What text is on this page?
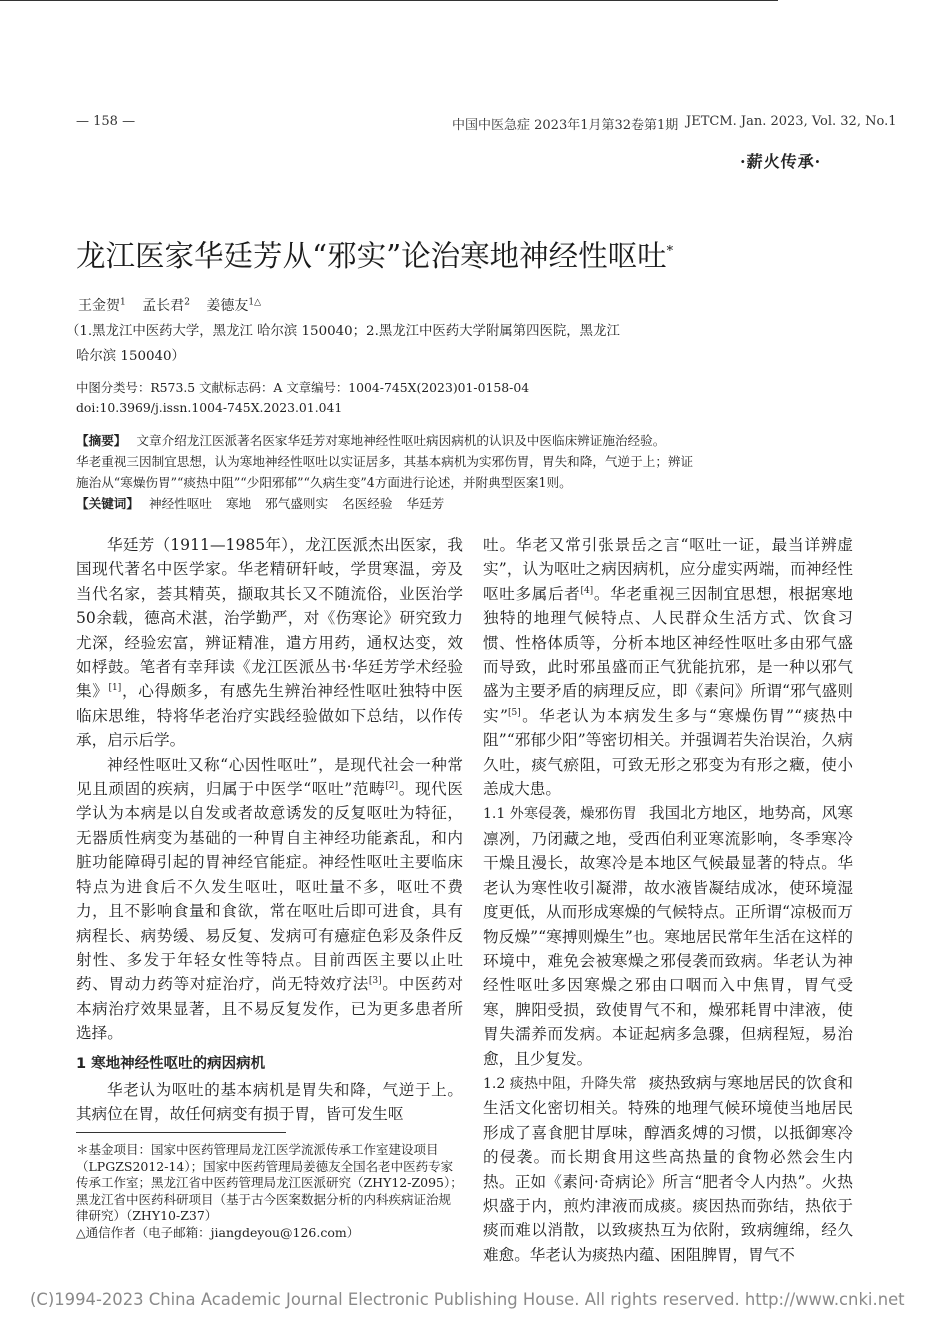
— 158 —	中国中医急症 2023年1月第32卷第1期 JETCM. Jan. 2023, Vol. 32, No.1
·薪火传承·
龙江医家华廷芳从“邪实”论治寒地神经性呕吐*
王金贺$^1$ 孟长君$^2$ 姜德友$^{1\triangle}$
（1.黑龙江中医药大学，黑龙江 哈尔滨 150040；2.黑龙江中医药大学附属第四医院，黑龙江
哈尔滨 150040）
中图分类号：R573.5 文献标志码：A 文章编号：1004-745X(2023)01-0158-04
doi:10.3969/j.issn.1004-745X.2023.01.041
【摘要】 文章介绍龙江医派著名医家华廷芳对寒地神经性呕吐病因病机的认识及中医临床辨证施治经验。
华老重视三因制宜思想，认为寒地神经性呕吐以实证居多，其基本病机为实邪伤胃，胃失和降，气逆于上；辨证
施治从“寒燥伤胃”“痰热中阻”“少阳邪郁”“久病生变”4方面进行论述，并附典型医案1则。
【关键词】 神经性呕吐 寒地 邪气盛则实 名医经验 华廷芳

华廷芳（1911—1985年），龙江医派杰出医家，我国现代著名中医学家。华老精研轩岐，学贯寒温，旁及当代名家，荟其精英，撷取其长又不随流俗，业医治学50余载，德高术湛，治学勤严，对《伤寒论》研究致力尤深，经验宏富，辨证精准，遣方用药，通权达变，效如桴鼓。笔者有幸拜读《龙江医派丛书·华廷芳学术经验集》[1]，心得颇多，有感先生辨治神经性呕吐独特中医临床思维，特将华老治疗实践经验做如下总结，以作传承，启示后学。

神经性呕吐又称“心因性呕吐”，是现代社会一种常见且顽固的疾病，归属于中医学“呕吐”范畴[2]。现代医学认为本病是以自发或者故意诱发的反复呕吐为特征，无器质性病变为基础的一种胃自主神经功能紊乱，和内脏功能障碍引起的胃神经官能症。神经性呕吐主要临床特点为进食后不久发生呕吐，呕吐量不多，呕吐不费力，且不影响食量和食欲，常在呕吐后即可进食，具有病程长、病势缓、易反复、发病可有癔症色彩及条件反射性、多发于年轻女性等特点。目前西医主要以止吐药、胃动力药等对症治疗，尚无特效疗法[3]。中医药对本病治疗效果显著，且不易反复发作，已为更多患者所选择。

1 寒地神经性呕吐的病因病机

华老认为呕吐的基本病机是胃失和降，气逆于上。其病位在胃，故任何病变有损于胃，皆可发生呕

吐。华老又常引张景岳之言“呕吐一证，最当详辨虚实”，认为呕吐之病因病机，应分虚实两端，而神经性呕吐多属后者[4]。华老重视三因制宜思想，根据寒地独特的地理气候特点、人民群众生活方式、饮食习惯、性格体质等，分析本地区神经性呕吐多由邪气盛而导致，此时邪虽盛而正气犹能抗邪，是一种以邪气盛为主要矛盾的病理反应，即《素问》所谓“邪气盛则实”[5]。华老认为本病发生多与“寒燥伤胃”“痰热中阻”“邪郁少阳”等密切相关。并强调若失治误治，久病久吐，痰气瘀阻，可致无形之邪变为有形之癥，使小恙成大患。

1.1 外寒侵袭，燥邪伤胃 我国北方地区，地势高，风寒凛冽，乃闭藏之地，受西伯利亚寒流影响，冬季寒冷干燥且漫长，故寒冷是本地区气候最显著的特点。华老认为寒性收引凝滞，故水液皆凝结成冰，使环境湿度更低，从而形成寒燥的气候特点。正所谓“凉极而万物反燥”“寒搏则燥生”也。寒地居民常年生活在这样的环境中，难免会被寒燥之邪侵袭而致病。华老认为神经性呕吐多因寒燥之邪由口咽而入中焦胃，胃气受寒，脾阳受损，致使胃气不和，燥邪耗胃中津液，使胃失濡养而发病。本证起病多急骤，但病程短，易治愈，且少复发。

1.2 痰热中阻，升降失常 痰热致病与寒地居民的饮食和生活文化密切相关。特殊的地理气候环境使当地居民形成了喜食肥甘厚味，醇酒炙煿的习惯，以抵御寒冷的侵袭。而长期食用这些高热量的食物必然会生内热。正如《素问·奇病论》所言“肥者令人内热”。火热炽盛于内，煎灼津液而成痰。痰因热而弥结，热依于痰而难以消散，以致痰热互为依附，致病缠绵，经久难愈。华老认为痰热内蕴、困阻脾胃，胃气不

＊基金项目：国家中医药管理局龙江医学流派传承工作室建设项目（LPGZS2012-14）；国家中医药管理局姜德友全国名老中医药专家传承工作室；黑龙江省中医药管理局龙江医派研究（ZHY12-Z095）；黑龙江省中医药科研项目（基于古今医案数据分析的内科疾病证治规律研究）（ZHY10-Z37）
△通信作者（电子邮箱：jiangdeyou@126.com）
(C)1994-2023 China Academic Journal Electronic Publishing House. All rights reserved. http://www.cnki.net
